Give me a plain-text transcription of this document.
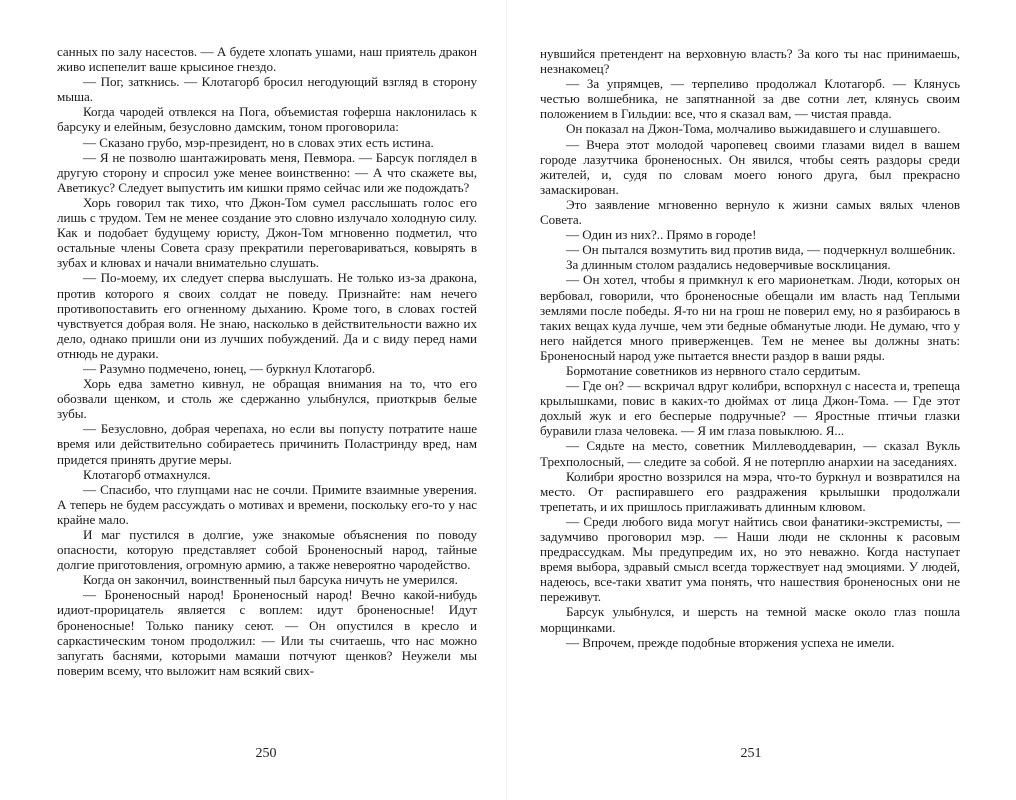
санных по залу насестов. — А будете хлопать ушами, наш приятель дракон живо испепелит ваше крысиное гнездо.

— Пог, заткнись. — Клотагорб бросил негодующий взгляд в сторону мыша.

Когда чародей отвлекся на Пога, объемистая гоферша наклонилась к барсуку и елейным, безусловно дамским, тоном проговорила:

— Сказано грубо, мэр-президент, но в словах этих есть истина.

— Я не позволю шантажировать меня, Певмора. — Барсук поглядел в другую сторону и спросил уже менее воинственно: — А что скажете вы, Аветикус? Следует выпустить им кишки прямо сейчас или же подождать?

Хорь говорил так тихо, что Джон-Том сумел расслышать голос его лишь с трудом. Тем не менее создание это словно излучало холодную силу. Как и подобает будущему юристу, Джон-Том мгновенно подметил, что остальные члены Совета сразу прекратили переговариваться, ковырять в зубах и клювах и начали внимательно слушать.

— По-моему, их следует сперва выслушать. Не только из-за дракона, против которого я своих солдат не поведу. Признайте: нам нечего противопоставить его огненному дыханию. Кроме того, в словах гостей чувствуется добрая воля. Не знаю, насколько в действительности важно их дело, однако пришли они из лучших побуждений. Да и с виду перед нами отнюдь не дураки.

— Разумно подмечено, юнец, — буркнул Клотагорб.

Хорь едва заметно кивнул, не обращая внимания на то, что его обозвали щенком, и столь же сдержанно улыбнулся, приоткрыв белые зубы.

— Безусловно, добрая черепаха, но если вы попусту потратите наше время или действительно собираетесь причинить Поластриндy вред, нам придется принять другие меры.

Клотагорб отмахнулся.

— Спасибо, что глупцами нас не сочли. Примите взаимные уверения. А теперь не будем рассуждать о мотивах и времени, поскольку его-то у нас крайне мало.

И маг пустился в долгие, уже знакомые объяснения по поводу опасности, которую представляет собой Броненосный народ, тайные долгие приготовления, огромную армию, а также невероятно чародейство.

Когда он закончил, воинственный пыл барсука ничуть не умерился.

— Броненосный народ! Броненосный народ! Вечно какой-нибудь идиот-прорицатель является с воплем: идут броненосные! Идут броненосные! Только панику сеют. — Он опустился в кресло и саркастическим тоном продолжил: — Или ты считаешь, что нас можно запугать баснями, которыми мамаши потчуют щенков? Неужели мы поверим всему, что выложит нам всякий свих-

250

нувшийся претендент на верховную власть? За кого ты нас принимаешь, незнакомец?

— За упрямцев, — терпеливо продолжал Клотагорб. — Клянусь честью волшебника, не запятнанной за две сотни лет, клянусь своим положением в Гильдии: все, что я сказал вам, — чистая правда.

Он показал на Джон-Тома, молчаливо выжидавшего и слушавшего.

— Вчера этот молодой чаропевец своими глазами видел в вашем городе лазутчика броненосных. Он явился, чтобы сеять раздоры среди жителей, и, судя по словам моего юного друга, был прекрасно замаскирован.

Это заявление мгновенно вернуло к жизни самых вялых членов Совета.

— Один из них?.. Прямо в городе!

— Он пытался возмутить вид против вида, — подчеркнул волшебник.

За длинным столом раздались недоверчивые восклицания.

— Он хотел, чтобы я примкнул к его марионеткам. Люди, которых он вербовал, говорили, что броненосные обещали им власть над Теплыми землями после победы. Я-то ни на грош не поверил ему, но я разбираюсь в таких вещах куда лучше, чем эти бедные обманутые люди. Не думаю, что у него найдется много приверженцев. Тем не менее вы должны знать: Броненосный народ уже пытается внести раздор в ваши ряды.

Бормотание советников из нервного стало сердитым.

— Где он? — вскричал вдруг колибри, вспорхнул с насеста и, трепеща крылышками, повис в каких-то дюймах от лица Джон-Тома. — Где этот дохлый жук и его бесперые подручные? — Яростные птичьи глазки буравили глаза человека. — Я им глаза повыклюю. Я...

— Сядьте на место, советник Миллеводдеварин, — сказал Вукль Трехполосный, — следите за собой. Я не потерплю анархии на заседаниях.

Колибри яростно воззрился на мэра, что-то буркнул и возвратился на место. От распиравшего его раздражения крылышки продолжали трепетать, и их пришлось приглаживать длинным клювом.

— Среди любого вида могут найтись свои фанатики-экстремисты, — задумчиво проговорил мэр. — Наши люди не склонны к расовым предрассудкам. Мы предупредим их, но это неважно. Когда наступает время выбора, здравый смысл всегда торжествует над эмоциями. У людей, надеюсь, все-таки хватит ума понять, что нашествия броненосных они не переживут.

Барсук улыбнулся, и шерсть на темной маске около глаз пошла морщинками.

— Впрочем, прежде подобные вторжения успеха не имели.

251
